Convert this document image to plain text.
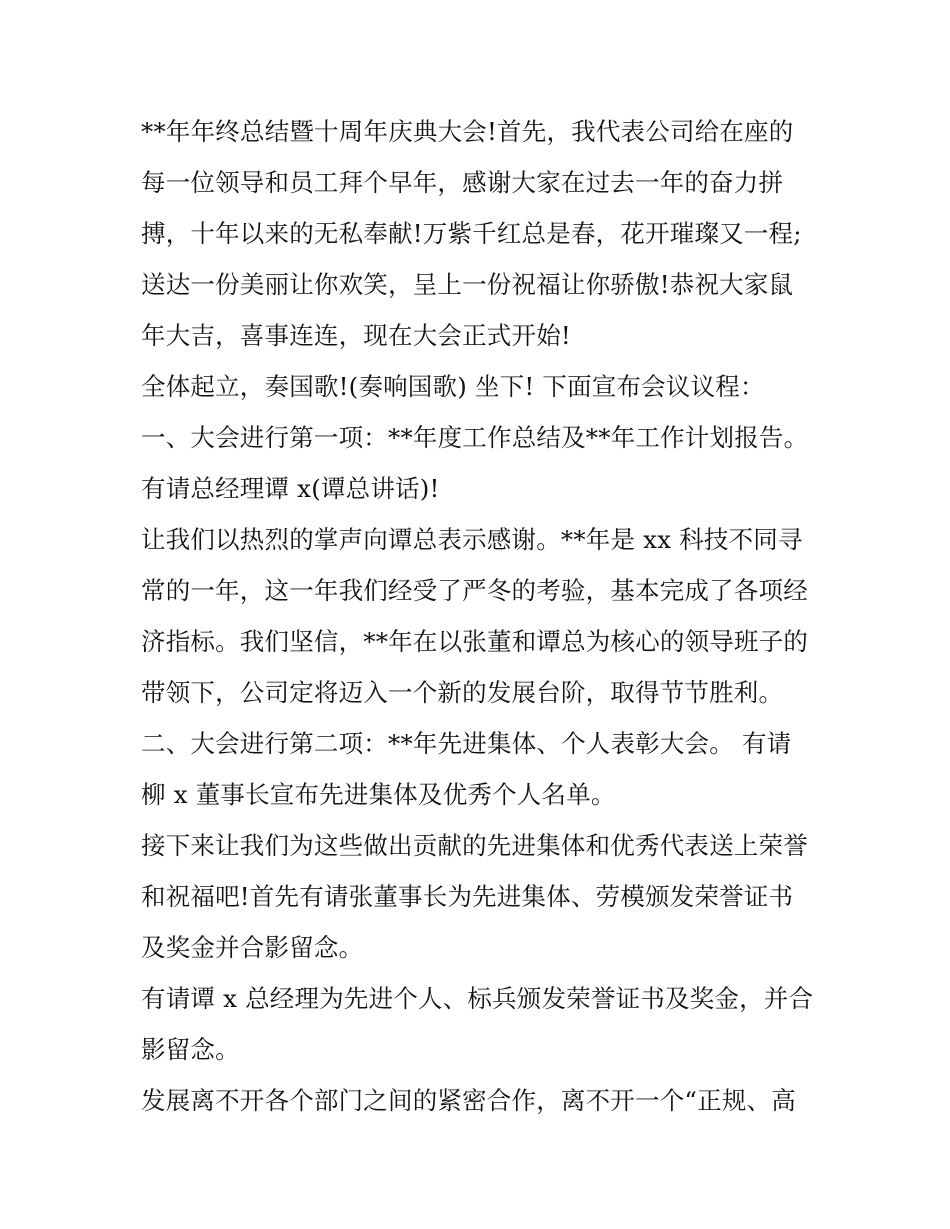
**年年终总结暨十周年庆典大会!首先，我代表公司给在座的
每一位领导和员工拜个早年，感谢大家在过去一年的奋力拼
搏，十年以来的无私奉献!万紫千红总是春，花开璀璨又一程;
送达一份美丽让你欢笑，呈上一份祝福让你骄傲!恭祝大家鼠
年大吉，喜事连连，现在大会正式开始!
全体起立，奏国歌!(奏响国歌) 坐下! 下面宣布会议议程：
一、大会进行第一项：**年度工作总结及**年工作计划报告。
有请总经理谭 x(谭总讲话)!
让我们以热烈的掌声向谭总表示感谢。**年是 xx 科技不同寻
常的一年，这一年我们经受了严冬的考验，基本完成了各项经
济指标。我们坚信，**年在以张董和谭总为核心的领导班子的
带领下，公司定将迈入一个新的发展台阶，取得节节胜利。
二、大会进行第二项：**年先进集体、个人表彰大会。 有请
柳 x 董事长宣布先进集体及优秀个人名单。
接下来让我们为这些做出贡献的先进集体和优秀代表送上荣誉
和祝福吧!首先有请张董事长为先进集体、劳模颁发荣誉证书
及奖金并合影留念。
有请谭 x 总经理为先进个人、标兵颁发荣誉证书及奖金，并合
影留念。
发展离不开各个部门之间的紧密合作，离不开一个“正规、高
